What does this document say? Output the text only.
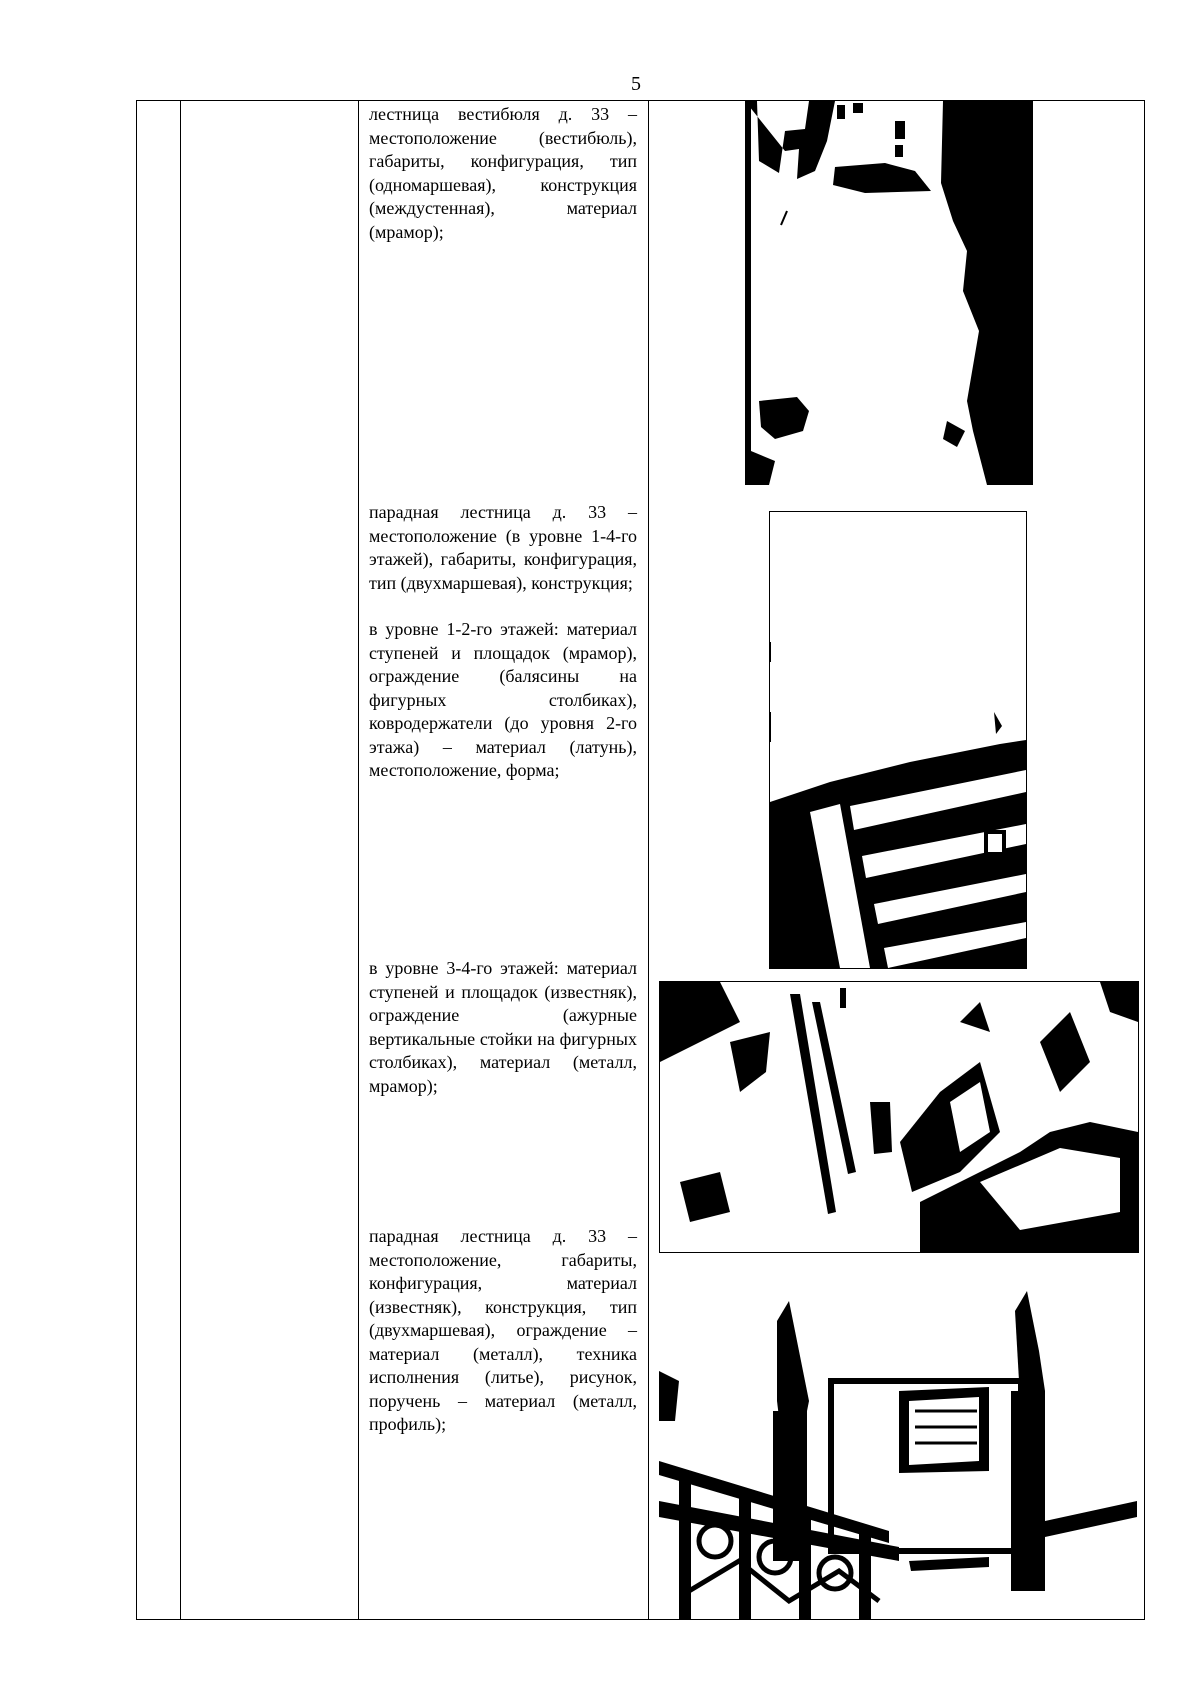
5

лестница вестибюля д. 33 – местоположение (вестибюль), габариты, конфигурация, тип (одномаршевая), конструкция (междустенная), материал (мрамор);

парадная лестница д. 33 – местоположение (в уровне 1-4-го этажей), габариты, конфигурация, тип (двухмаршевая), конструкция;

в уровне 1-2-го этажей: материал ступеней и площадок (мрамор), ограждение (балясины на фигурных столбиках), ковродержатели (до уровня 2-го этажа) – материал (латунь), местоположение, форма;

в уровне 3-4-го этажей: материал ступеней и площадок (известняк), ограждение (ажурные вертикальные стойки на фигурных столбиках), материал (металл, мрамор);

парадная лестница д. 33 – местоположение, габариты, конфигурация, материал (известняк), конструкция, тип (двухмаршевая), ограждение – материал (металл), техника исполнения (литье), рисунок, поручень – материал (металл, профиль);
